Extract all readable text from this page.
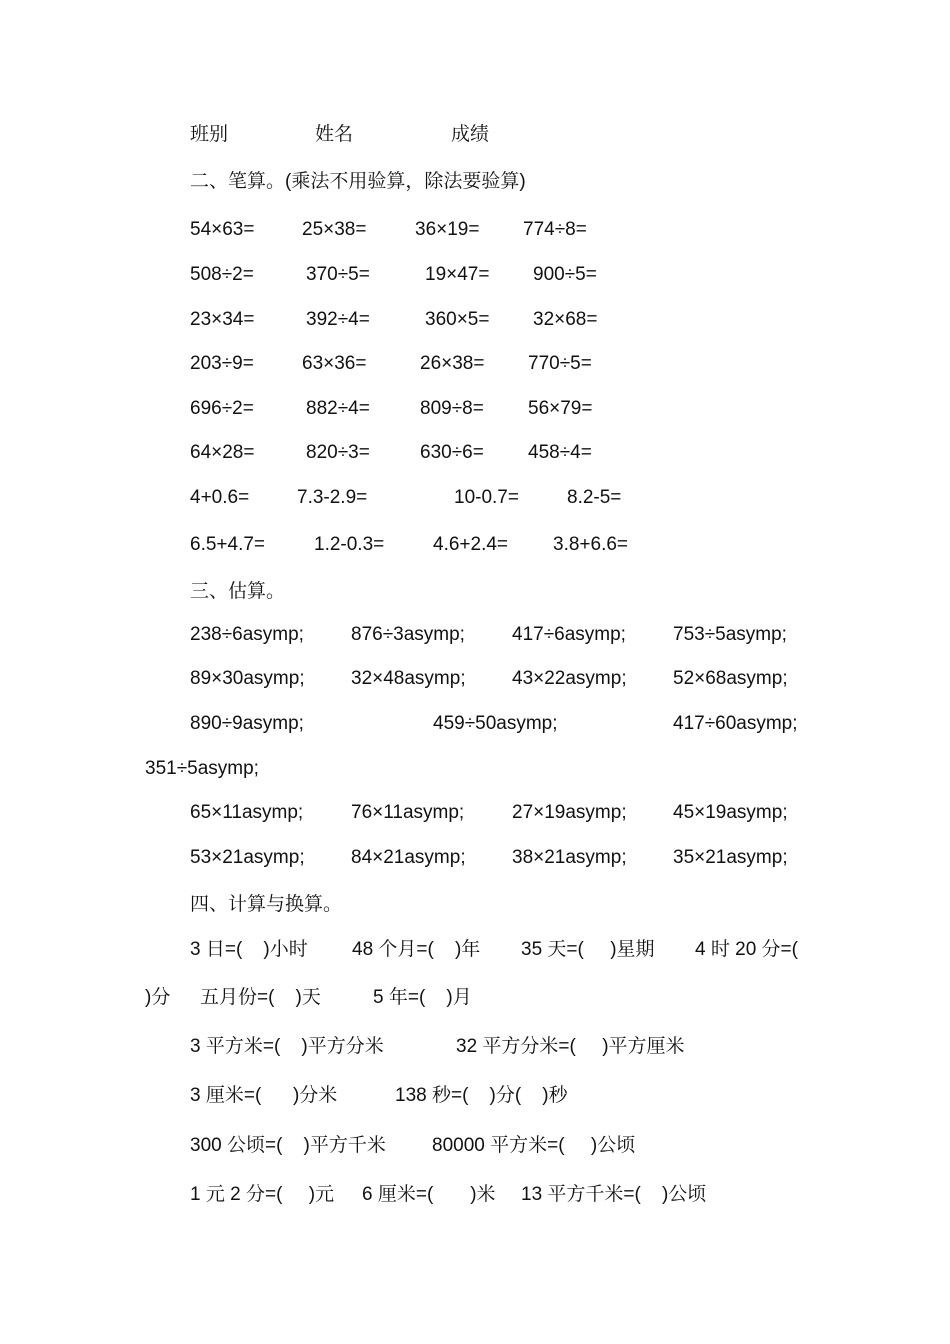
班别	姓名	成绩
二、笔算。(乘法不用验算，除法要验算)
54×63=	25×38=	36×19= 774÷8=
508÷2=	370÷5=	19×47= 900÷5=
23×34=	392÷4=	360×5= 32×68=
203÷9=	63×36=	26×38= 770÷5=
696÷2=	882÷4=	809÷8= 56×79=
64×28=	820÷3=	630÷6= 458÷4=
4+0.6=	7.3-2.9=	10-0.7=	8.2-5=
6.5+4.7=	1.2-0.3=	4.6+2.4= 3.8+6.6=
三、估算。
238÷6asymp; 876÷3asymp; 417÷6asymp; 753÷5asymp;
89×30asymp; 32×48asymp; 43×22asymp; 52×68asymp;
890÷9asymp;	459÷50asymp;	417÷60asymp;
351÷5asymp;
65×11asymp;	76×11asymp;	27×19asymp; 45×19asymp;
53×21asymp; 84×21asymp; 38×21asymp; 35×21asymp;
四、计算与换算。
3 日=(    )小时 48 个月=(    )年 35 天=(     )星期 4 时 20 分=(
)分 五月份=(    )天	5 年=(    )月
3 平方米=(    )平方分米	32 平方分米=(     )平方厘米
3 厘米=(      )分米	138 秒=(    )分(    )秒
300 公顷=(    )平方千米 80000 平方米=(     )公顷
1 元 2 分=(     )元 6 厘米=(       )米 13 平方千米=(    )公顷
